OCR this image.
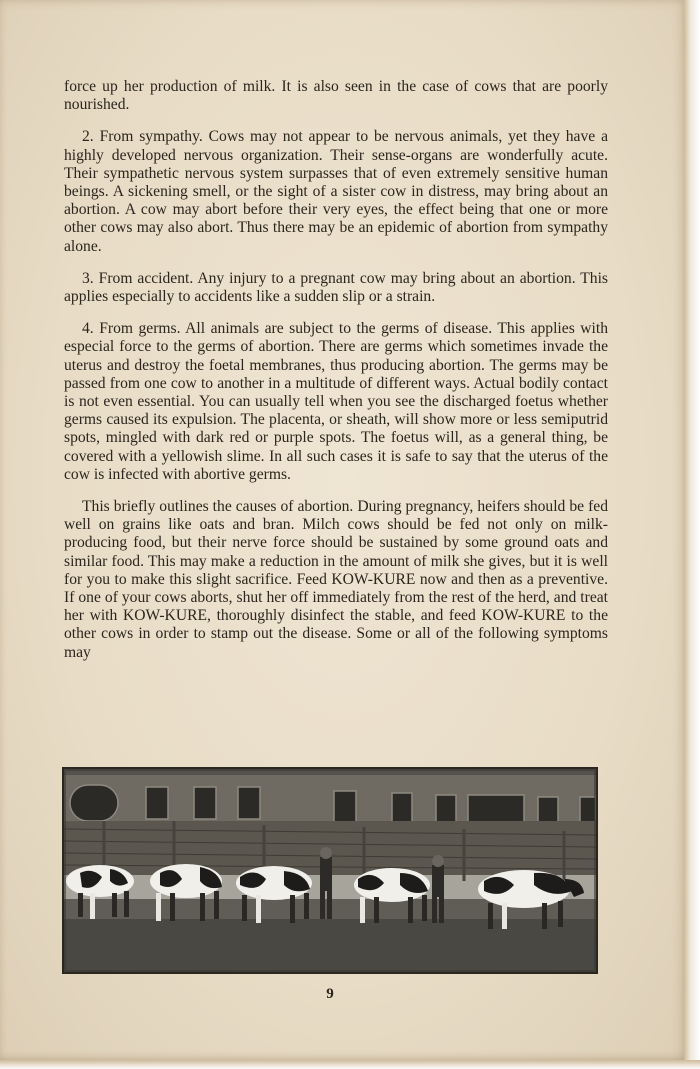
force up her production of milk. It is also seen in the case of cows that are poorly nourished.

2. From sympathy. Cows may not appear to be nervous animals, yet they have a highly developed nervous organization. Their sense-organs are wonderfully acute. Their sympathetic nervous system surpasses that of even extremely sensitive human beings. A sickening smell, or the sight of a sister cow in distress, may bring about an abortion. A cow may abort before their very eyes, the effect being that one or more other cows may also abort. Thus there may be an epidemic of abortion from sympathy alone.

3. From accident. Any injury to a pregnant cow may bring about an abortion. This applies especially to accidents like a sudden slip or a strain.

4. From germs. All animals are subject to the germs of disease. This applies with especial force to the germs of abortion. There are germs which sometimes invade the uterus and destroy the foetal membranes, thus producing abortion. The germs may be passed from one cow to another in a multitude of different ways. Actual bodily contact is not even essential. You can usually tell when you see the discharged foetus whether germs caused its expulsion. The placenta, or sheath, will show more or less semiputrid spots, mingled with dark red or purple spots. The foetus will, as a general thing, be covered with a yellowish slime. In all such cases it is safe to say that the uterus of the cow is infected with abortive germs.

This briefly outlines the causes of abortion. During pregnancy, heifers should be fed well on grains like oats and bran. Milch cows should be fed not only on milk-producing food, but their nerve force should be sustained by some ground oats and similar food. This may make a reduction in the amount of milk she gives, but it is well for you to make this slight sacrifice. Feed KOW-KURE now and then as a preventive. If one of your cows aborts, shut her off immediately from the rest of the herd, and treat her with KOW-KURE, thoroughly disinfect the stable, and feed KOW-KURE to the other cows in order to stamp out the disease. Some or all of the following symptoms may

9
